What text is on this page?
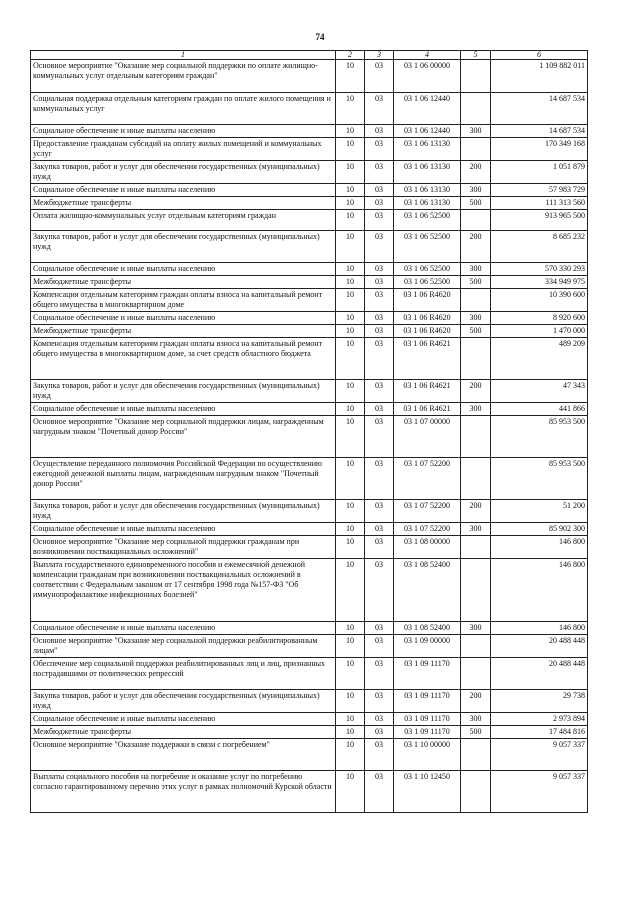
74
1	2	3	4	5	6
Основное мероприятие "Оказание мер социальной поддержки по оплате жилищно-коммунальных услуг отдельным категориям граждан"	10	03	03 1 06 00000		1 109 882 011
Социальная поддержка отдельным категориям граждан по оплате жилого помещения и коммунальных услуг	10	03	03 1 06 12440		14 687 534
Социальное обеспечение и иные выплаты населению	10	03	03 1 06 12440	300	14 687 534
Предоставление гражданам субсидий на оплату жилых помещений и коммунальных услуг	10	03	03 1 06 13130		170 349 168
Закупка товаров, работ и услуг для обеспечения государственных (муниципальных) нужд	10	03	03 1 06 13130	200	1 051 879
Социальное обеспечение и иные выплаты населению	10	03	03 1 06 13130	300	57 983 729
Межбюджетные трансферты	10	03	03 1 06 13130	500	111 313 560
Оплата жилищно-коммунальных услуг отдельным категориям граждан	10	03	03 1 06 52500		913 965 500
Закупка товаров, работ и услуг для обеспечения государственных (муниципальных) нужд	10	03	03 1 06 52500	200	8 685 232
Социальное обеспечение и иные выплаты населению	10	03	03 1 06 52500	300	570 330 293
Межбюджетные трансферты	10	03	03 1 06 52500	500	334 949 975
Компенсация отдельным категориям граждан оплаты взноса на капитальный ремонт общего имущества в многоквартирном доме	10	03	03 1 06 R4620		10 390 600
Социальное обеспечение и иные выплаты населению	10	03	03 1 06 R4620	300	8 920 600
Межбюджетные трансферты	10	03	03 1 06 R4620	500	1 470 000
Компенсация отдельным категориям граждан оплаты взноса на капитальный ремонт общего имущества в многоквартирном доме, за счет средств областного бюджета	10	03	03 1 06 R4621		489 209
Закупка товаров, работ и услуг для обеспечения государственных (муниципальных) нужд	10	03	03 1 06 R4621	200	47 343
Социальное обеспечение и иные выплаты населению	10	03	03 1 06 R4621	300	441 866
Основное мероприятие "Оказание мер социальной поддержки лицам, награжденным нагрудным знаком "Почетный донор России"	10	03	03 1 07 00000		85 953 500
Осуществление переданного полномочия Российской Федерации по осуществлению ежегодной денежной выплаты лицам, награжденным нагрудным знаком "Почетный донор России"	10	03	03 1 07 52200		85 953 500
Закупка товаров, работ и услуг для обеспечения государственных (муниципальных) нужд	10	03	03 1 07 52200	200	51 200
Социальное обеспечение и иные выплаты населению	10	03	03 1 07 52200	300	85 902 300
Основное мероприятие "Оказание мер социальной поддержки гражданам при возникновении поствакцинальных осложнений"	10	03	03 1 08 00000		146 800
Выплата государственного единовременного пособия и ежемесячной денежной компенсации гражданам при возникновении поствакцинальных осложнений в соответствии с Федеральным законом от 17 сентября 1998 года №157-ФЗ "Об иммунопрофилактике инфекционных болезней"	10	03	03 1 08 52400		146 800
Социальное обеспечение и иные выплаты населению	10	03	03 1 08 52400	300	146 800
Основное мероприятие "Оказание мер социальной поддержки реабилитированным лицам"	10	03	03 1 09 00000		20 488 448
Обеспечение мер социальной поддержки реабилитированных лиц и лиц, признанных пострадавшими от политических репрессий	10	03	03 1 09 11170		20 488 448
Закупка товаров, работ и услуг для обеспечения государственных (муниципальных) нужд	10	03	03 1 09 11170	200	29 738
Социальное обеспечение и иные выплаты населению	10	03	03 1 09 11170	300	2 973 894
Межбюджетные трансферты	10	03	03 1 09 11170	500	17 484 816
Основное мероприятие "Оказание поддержки в связи с погребением"	10	03	03 1 10 00000		9 057 337
Выплаты социального пособия на погребение и оказание услуг по погребению согласно гарантированному перечню этих услуг в рамках полномочий Курской области	10	03	03 1 10 12450		9 057 337
